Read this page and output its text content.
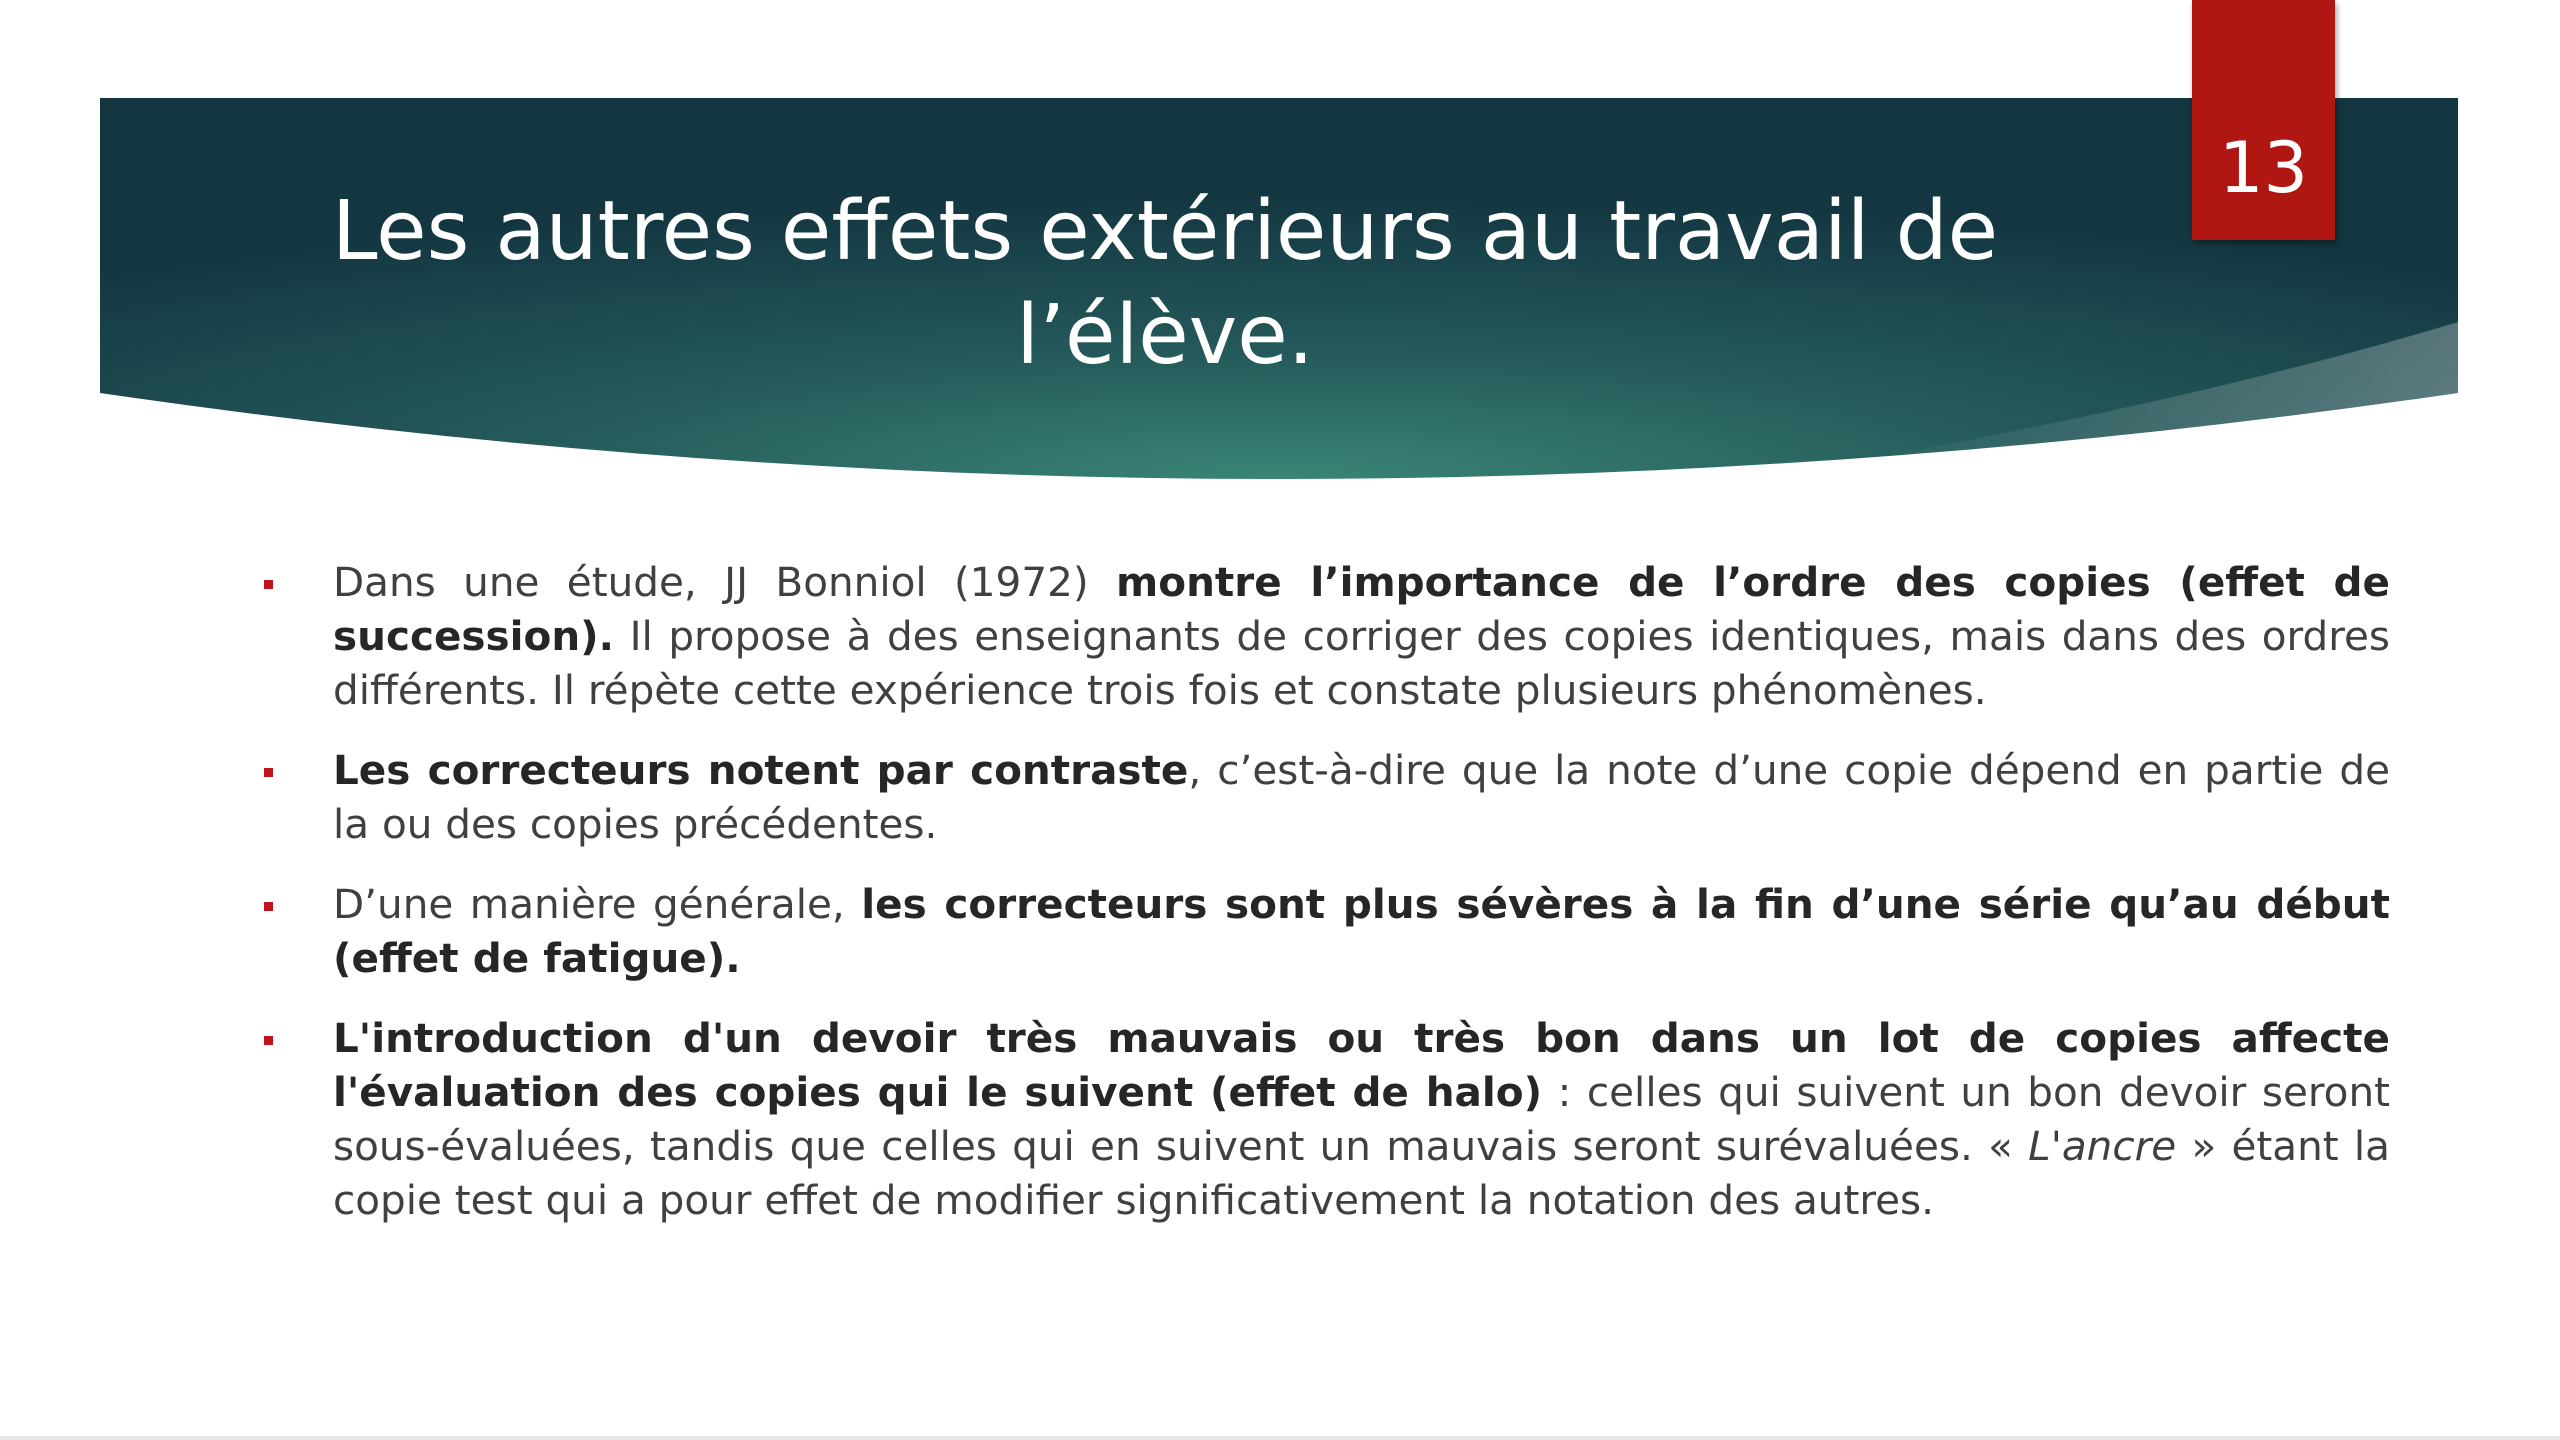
Les autres effets extérieurs au travail de l’élève.
13
Dans une étude, JJ Bonniol (1972) montre l’importance de l’ordre des copies (effet de succession). Il propose à des enseignants de corriger des copies identiques, mais dans des ordres différents. Il répète cette expérience trois fois et constate plusieurs phénomènes.
Les correcteurs notent par contraste, c’est-à-dire que la note d’une copie dépend en partie de la ou des copies précédentes.
D’une manière générale, les correcteurs sont plus sévères à la fin d’une série qu’au début (effet de fatigue).
L'introduction d'un devoir très mauvais ou très bon dans un lot de copies affecte l'évaluation des copies qui le suivent (effet de halo) : celles qui suivent un bon devoir seront sous-évaluées, tandis que celles qui en suivent un mauvais seront surévaluées. « L'ancre » étant la copie test qui a pour effet de modifier significativement la notation des autres.
